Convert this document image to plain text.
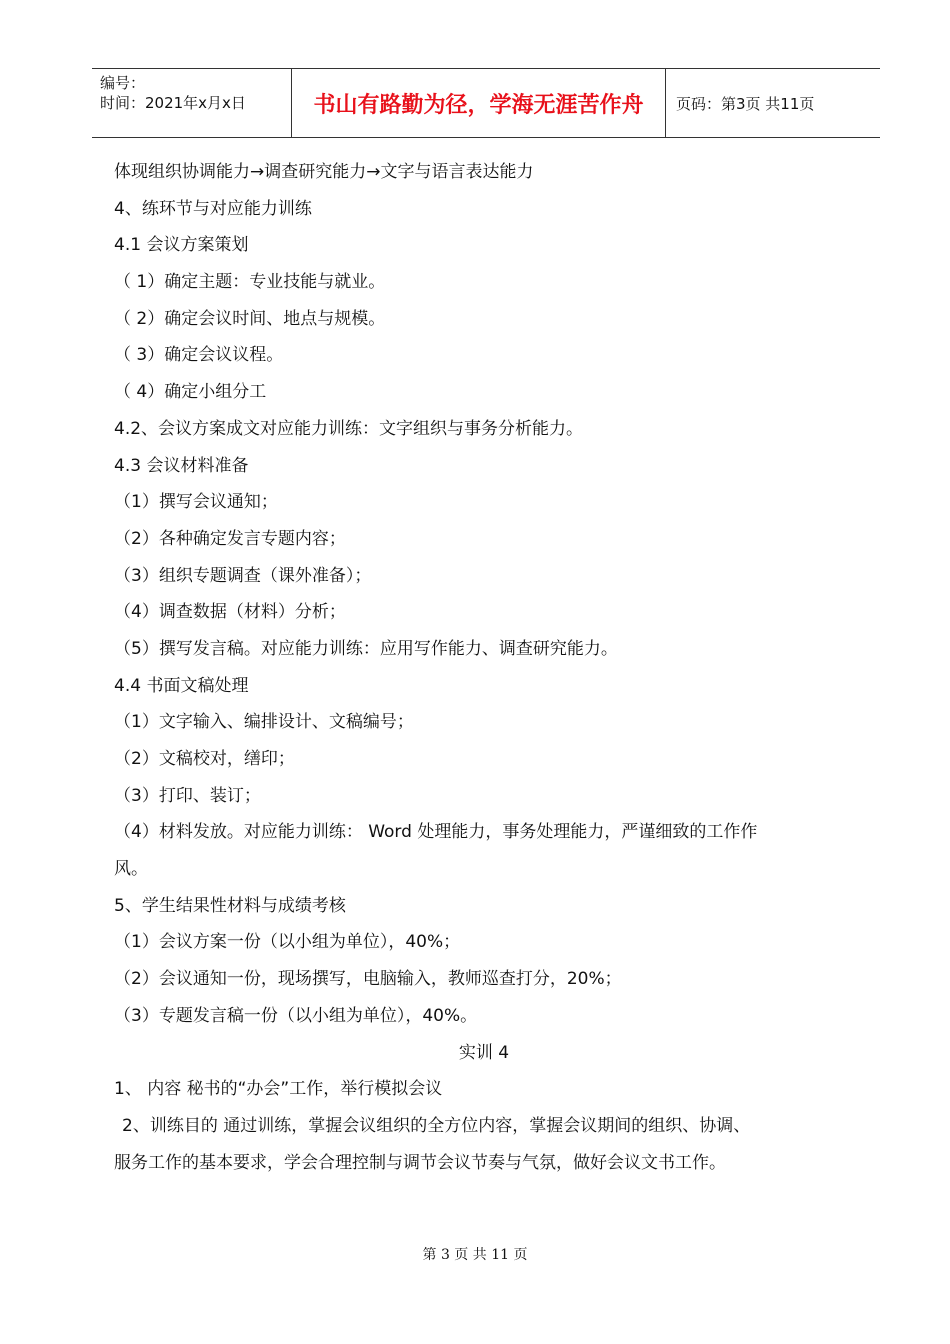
编号：
时间：2021年x月x日	书山有路勤为径，学海无涯苦作舟	页码：第3页 共11页
体现组织协调能力→调查研究能力→文字与语言表达能力
4、练环节与对应能力训练
4.1 会议方案策划
（ 1）确定主题：专业技能与就业。
（ 2）确定会议时间、地点与规模。
（ 3）确定会议议程。
（ 4）确定小组分工
4.2、会议方案成文对应能力训练：文字组织与事务分析能力。
4.3 会议材料准备
（1）撰写会议通知；
（2）各种确定发言专题内容；
（3）组织专题调查（课外准备）；
（4）调查数据（材料）分析；
（5）撰写发言稿。对应能力训练：应用写作能力、调查研究能力。
4.4 书面文稿处理
（1）文字输入、编排设计、文稿编号；
（2）文稿校对，缮印；
（3）打印、装订；
（4）材料发放。对应能力训练： Word 处理能力，事务处理能力，严谨细致的工作作
风。
5、学生结果性材料与成绩考核
（1）会议方案一份（以小组为单位），40%；
（2）会议通知一份，现场撰写，电脑输入，教师巡查打分，20%；
（3）专题发言稿一份（以小组为单位），40%。
实训 4
1、 内容 秘书的“办会”工作，举行模拟会议
2、训练目的 通过训练，掌握会议组织的全方位内容，掌握会议期间的组织、协调、
服务工作的基本要求，学会合理控制与调节会议节奏与气氛，做好会议文书工作。
第 3 页 共 11 页
